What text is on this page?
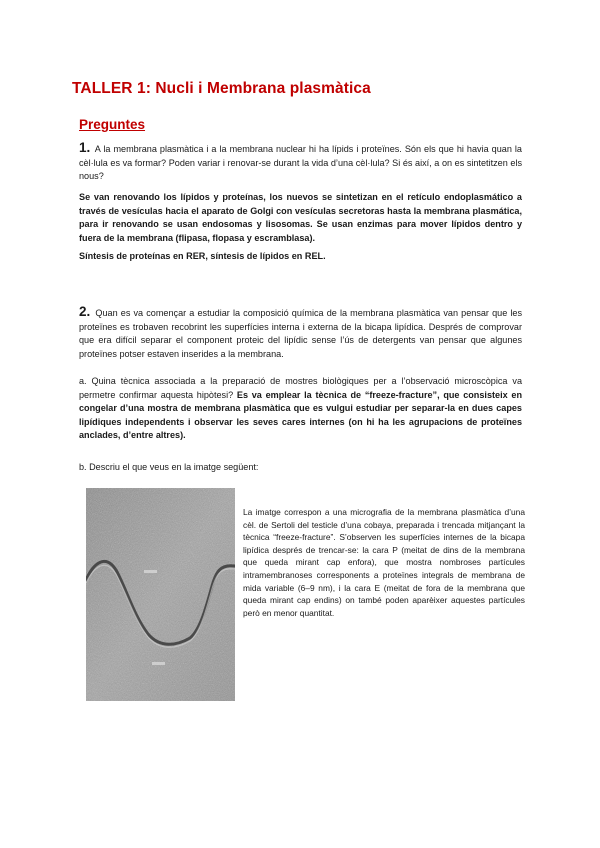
TALLER 1: Nucli i Membrana plasmàtica
Preguntes

1. A la membrana plasmàtica i a la membrana nuclear hi ha lípids i proteïnes. Són els que hi havia quan la cèl·lula es va formar? Poden variar i renovar-se durant la vida d’una cèl·lula? Si és així, a on es sintetitzen els nous?

Se van renovando los lípidos y proteínas, los nuevos se sintetizan en el retículo endoplasmático a través de vesículas hacia el aparato de Golgi con vesículas secretoras hasta la membrana plasmática, para ir renovando se usan endosomas y lisosomas. Se usan enzimas para mover lípidos dentro y fuera de la membrana (flipasa, flopasa y escramblasa).

Síntesis de proteínas en RER, síntesis de lípidos en REL.

2. Quan es va començar a estudiar la composició química de la membrana plasmàtica van pensar que les proteïnes es trobaven recobrint les superfícies interna i externa de la bicapa lipídica. Després de comprovar que era difícil separar el component proteic del lipídic sense l’ús de detergents van pensar que algunes proteïnes potser estaven inserides a la membrana.

a. Quina tècnica associada a la preparació de mostres biològiques per a l’observació microscòpica va permetre confirmar aquesta hipòtesi? Es va emplear la tècnica de “freeze-fracture”, que consisteix en congelar d’una mostra de membrana plasmàtica que es vulgui estudiar per separar-la en dues capes lipídiques independents i observar les seves cares internes (on hi ha les agrupacions de proteïnes anclades, d’entre altres).

b. Descriu el que veus en la imatge següent:

La imatge correspon a una micrografia de la membrana plasmàtica d’una cèl. de Sertoli del testicle d’una cobaya, preparada i trencada mitjançant la tècnica “freeze-fracture”. S’observen les superfícies internes de la bicapa lipídica després de trencar-se: la cara P (meitat de dins de la membrana que queda mirant cap enfora), que mostra nombroses partícules intramembranoses corresponents a proteïnes integrals de membrana de mida variable (6–9 nm), i la cara E (meitat de fora de la membrana que queda mirant cap endins) on també poden aparèixer aquestes partícules però en menor quantitat.
